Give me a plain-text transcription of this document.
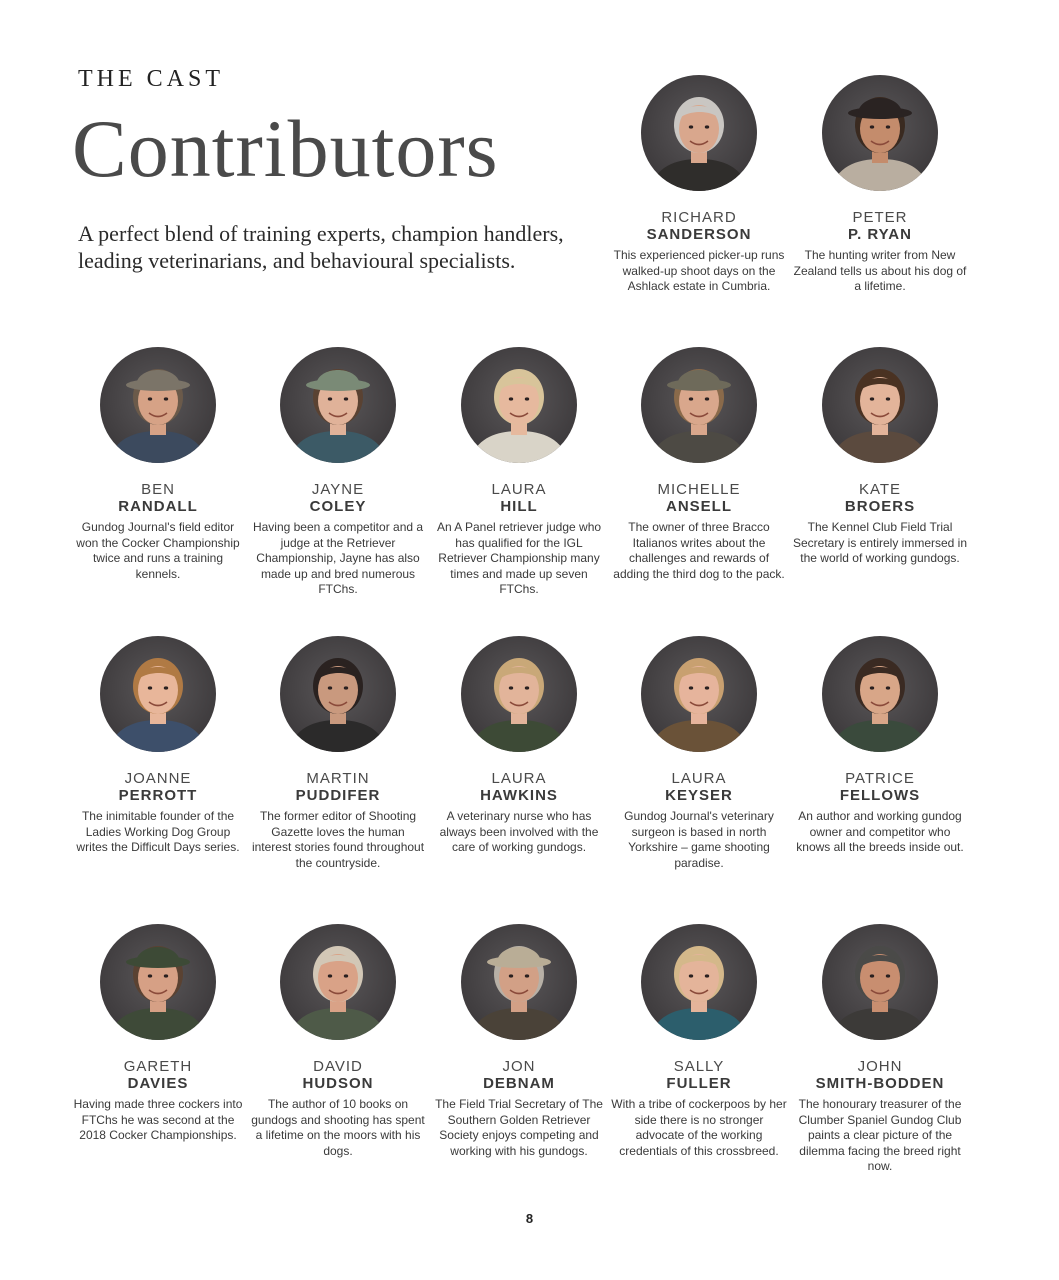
THE CAST
Contributors

A perfect blend of training experts, champion handlers, leading veterinarians, and behavioural specialists.

RICHARD
SANDERSON
This experienced picker-up runs walked-up shoot days on the Ashlack estate in Cumbria.
PETER
P. RYAN
The hunting writer from New Zealand tells us about his dog of a lifetime.
BEN
RANDALL
Gundog Journal's field editor won the Cocker Championship twice and runs a training kennels.
JAYNE
COLEY
Having been a competitor and a judge at the Retriever Championship, Jayne has also made up and bred numerous FTChs.
LAURA
HILL
An A Panel retriever judge who has qualified for the IGL Retriever Championship many times and made up seven FTChs.
MICHELLE
ANSELL
The owner of three Bracco Italianos writes about the challenges and rewards of adding the third dog to the pack.
KATE
BROERS
The Kennel Club Field Trial Secretary is entirely immersed in the world of working gundogs.
JOANNE
PERROTT
The inimitable founder of the Ladies Working Dog Group writes the Difficult Days series.
MARTIN
PUDDIFER
The former editor of Shooting Gazette loves the human interest stories found throughout the countryside.
LAURA
HAWKINS
A veterinary nurse who has always been involved with the care of working gundogs.
LAURA
KEYSER
Gundog Journal's veterinary surgeon is based in north Yorkshire – game shooting paradise.
PATRICE
FELLOWS
An author and working gundog owner and competitor who knows all the breeds inside out.
GARETH
DAVIES
Having made three cockers into FTChs he was second at the 2018 Cocker Championships.
DAVID
HUDSON
The author of 10 books on gundogs and shooting has spent a lifetime on the moors with his dogs.
JON
DEBNAM
The Field Trial Secretary of The Southern Golden Retriever Society enjoys competing and working with his gundogs.
SALLY
FULLER
With a tribe of cockerpoos by her side there is no stronger advocate of the working credentials of this crossbreed.
JOHN
SMITH-BODDEN
The honourary treasurer of the Clumber Spaniel Gundog Club paints a clear picture of the dilemma facing the breed right now.
8
